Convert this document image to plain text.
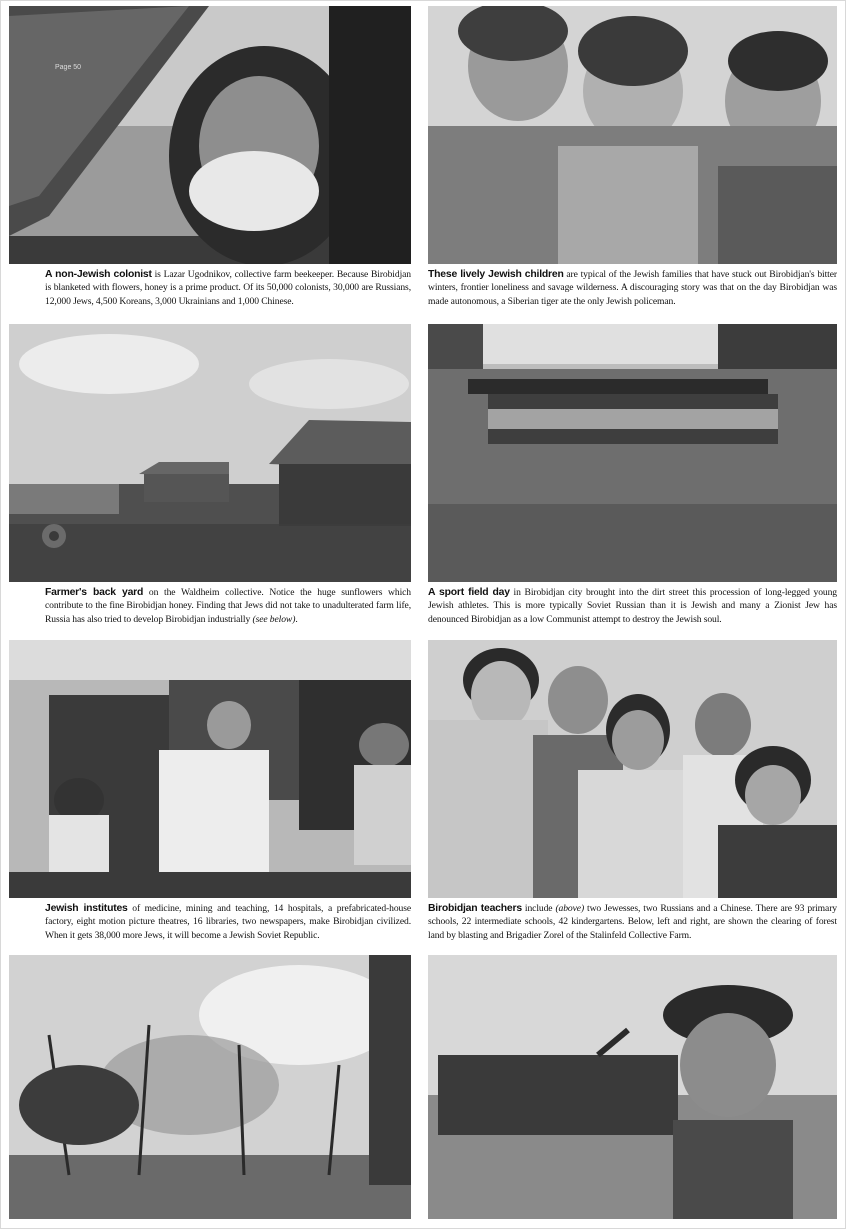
Page 50
A non-Jewish colonist is Lazar Ugodnikov, collective farm beekeeper. Because Birobidjan is blanketed with flowers, honey is a prime product. Of its 50,000 colonists, 30,000 are Russians, 12,000 Jews, 4,500 Koreans, 3,000 Ukrainians and 1,000 Chinese.
These lively Jewish children are typical of the Jewish families that have stuck out Birobidjan's bitter winters, frontier loneliness and savage wilderness. A discouraging story was that on the day Birobidjan was made autonomous, a Siberian tiger ate the only Jewish policeman.
Farmer's back yard on the Waldheim collective. Notice the huge sunflowers which contribute to the fine Birobidjan honey. Finding that Jews did not take to unadulterated farm life, Russia has also tried to develop Birobidjan industrially (see below).
A sport field day in Birobidjan city brought into the dirt street this procession of long-legged young Jewish athletes. This is more typically Soviet Russian than it is Jewish and many a Zionist Jew has denounced Birobidjan as a low Communist attempt to destroy the Jewish soul.
Jewish institutes of medicine, mining and teaching, 14 hospitals, a prefabricated-house factory, eight motion picture theatres, 16 libraries, two newspapers, make Birobidjan civilized. When it gets 38,000 more Jews, it will become a Jewish Soviet Republic.
Birobidjan teachers include (above) two Jewesses, two Russians and a Chinese. There are 93 primary schools, 22 intermediate schools, 42 kindergartens. Below, left and right, are shown the clearing of forest land by blasting and Brigadier Zorel of the Stalinfeld Collective Farm.
